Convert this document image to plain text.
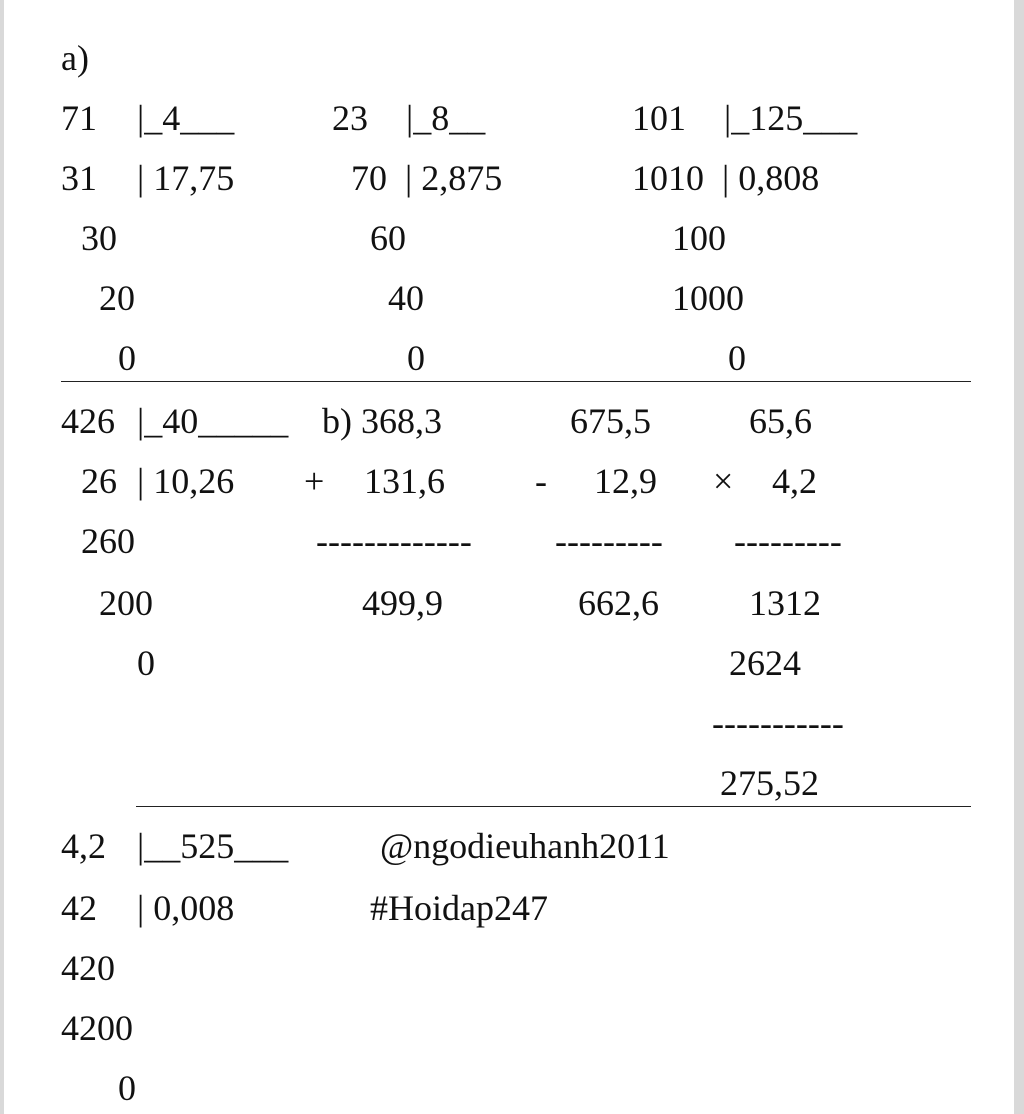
a)
71 |_4___
31 | 17,75
30
20
0
23 |_8__
70  | 2,875
60
40
0
101 |_125___
1010  | 0,808
100
1000
0
426 |_40_____
26 | 10,26
260
200
0
b) 368,3
+ 131,6
-------------
499,9
675,5
- 12,9
---------
662,6
65,6
× 4,2
---------
1312
2624
-----------
275,52
4,2 |__525___
42 | 0,008
420
4200
0
@ngodieuhanh2011
#Hoidap247
